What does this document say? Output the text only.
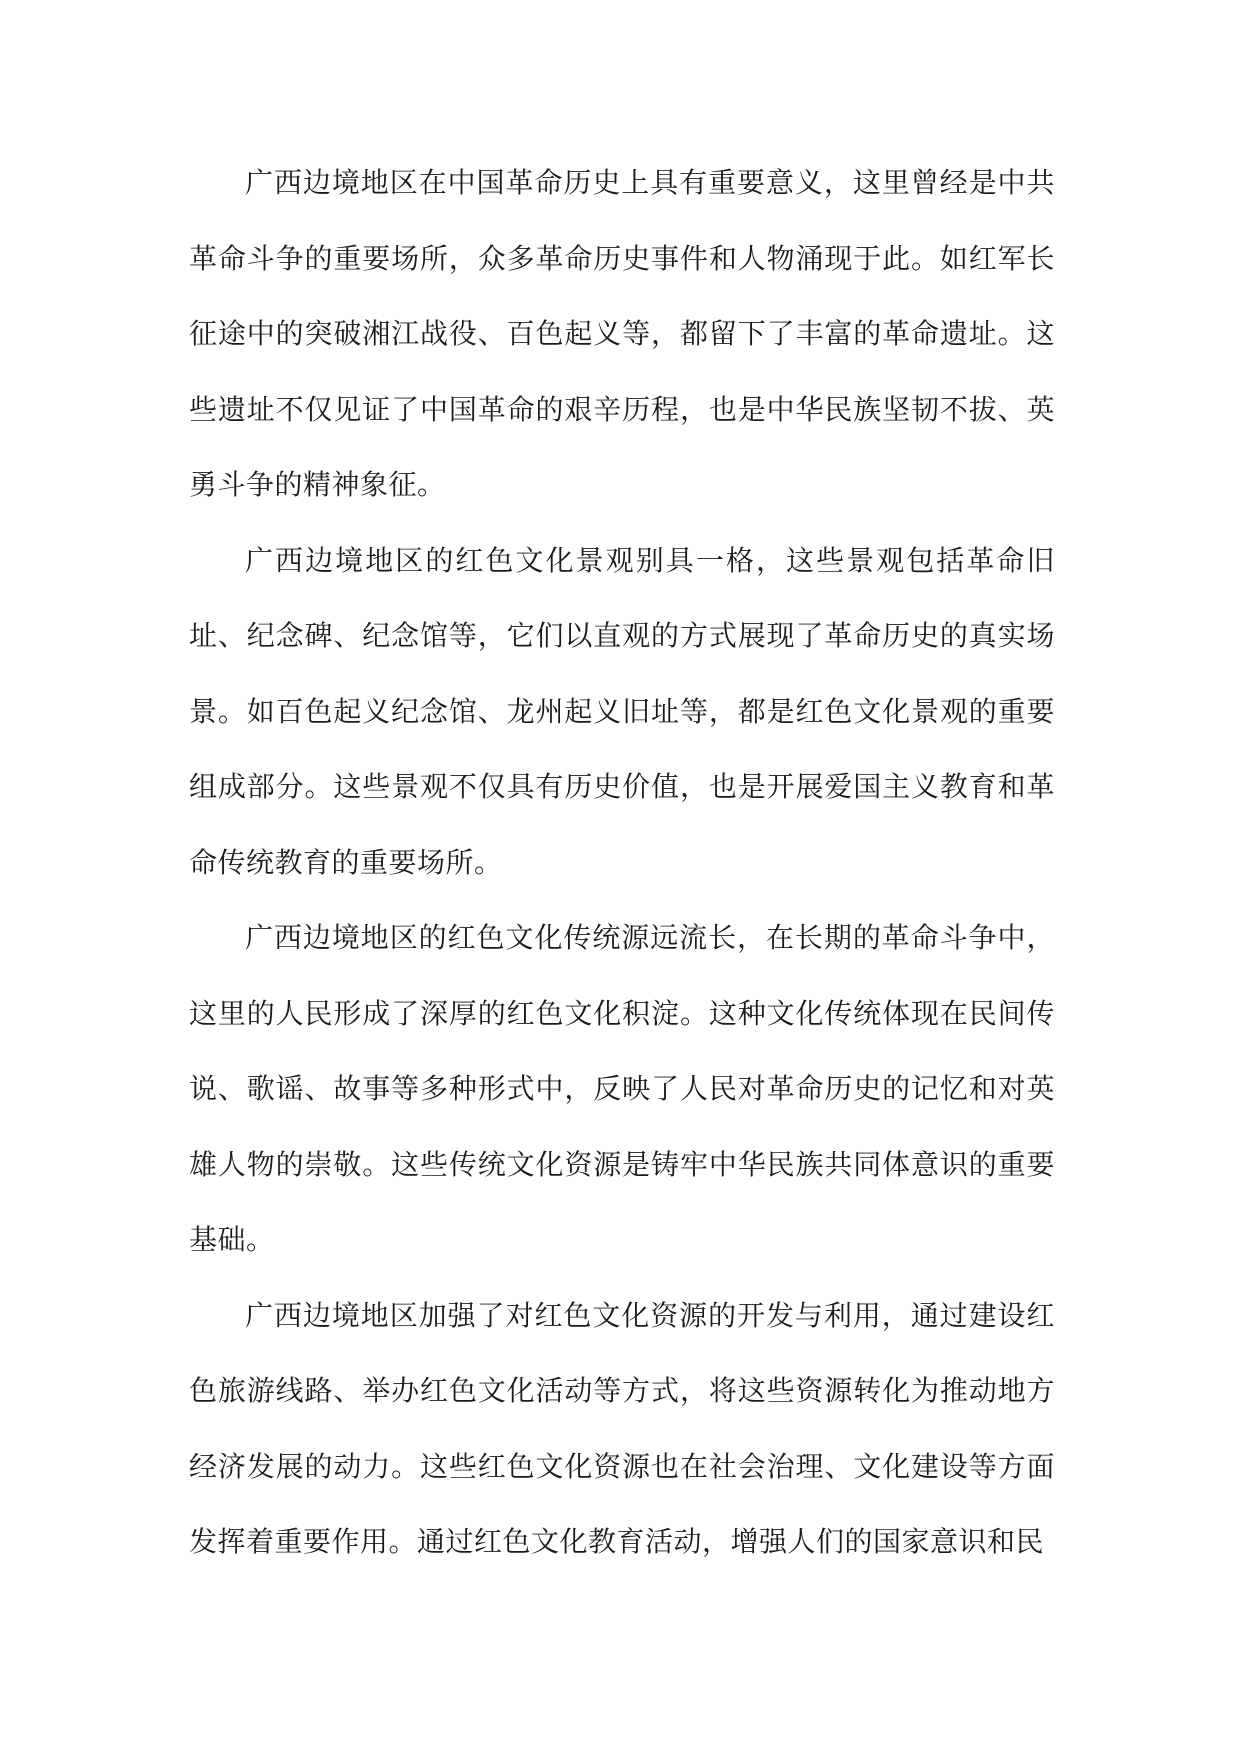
广西边境地区在中国革命历史上具有重要意义，这里曾经是中共革命斗争的重要场所，众多革命历史事件和人物涌现于此。如红军长征途中的突破湘江战役、百色起义等，都留下了丰富的革命遗址。这些遗址不仅见证了中国革命的艰辛历程，也是中华民族坚韧不拔、英勇斗争的精神象征。

广西边境地区的红色文化景观别具一格，这些景观包括革命旧址、纪念碑、纪念馆等，它们以直观的方式展现了革命历史的真实场景。如百色起义纪念馆、龙州起义旧址等，都是红色文化景观的重要组成部分。这些景观不仅具有历史价值，也是开展爱国主义教育和革命传统教育的重要场所。

广西边境地区的红色文化传统源远流长，在长期的革命斗争中，这里的人民形成了深厚的红色文化积淀。这种文化传统体现在民间传说、歌谣、故事等多种形式中，反映了人民对革命历史的记忆和对英雄人物的崇敬。这些传统文化资源是铸牢中华民族共同体意识的重要基础。

广西边境地区加强了对红色文化资源的开发与利用，通过建设红色旅游线路、举办红色文化活动等方式，将这些资源转化为推动地方经济发展的动力。这些红色文化资源也在社会治理、文化建设等方面发挥着重要作用。通过红色文化教育活动，增强人们的国家意识和民
